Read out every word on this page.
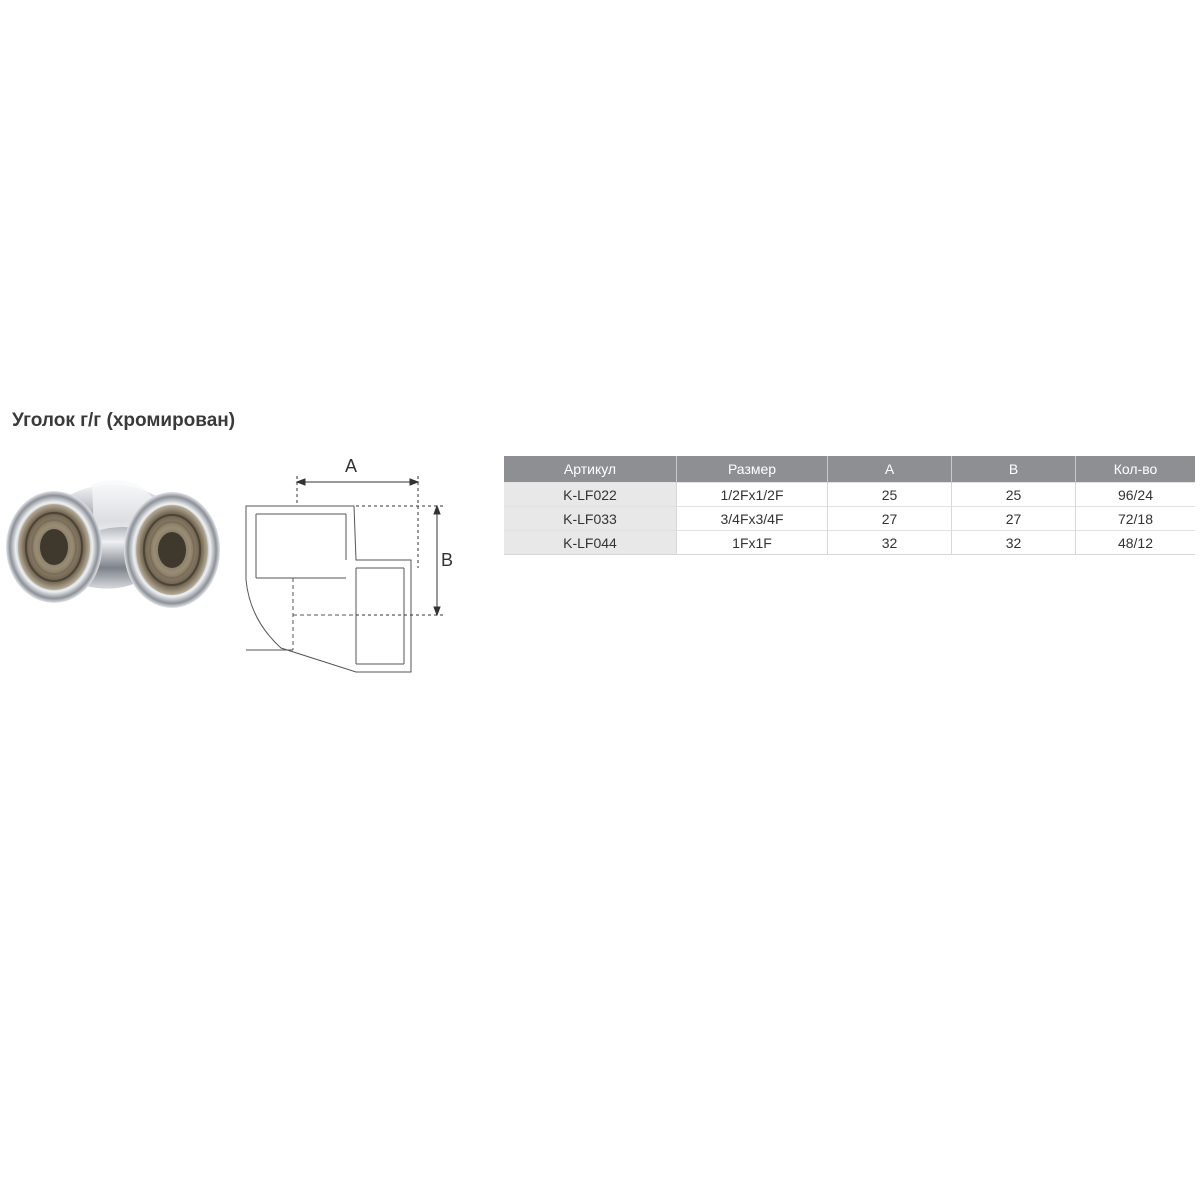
Уголок г/г (хромирован)
A
B
Артикул	Размер	A	B	Кол-во
K-LF022	1/2Fx1/2F	25	25	96/24
K-LF033	3/4Fx3/4F	27	27	72/18
K-LF044	1Fx1F	32	32	48/12
